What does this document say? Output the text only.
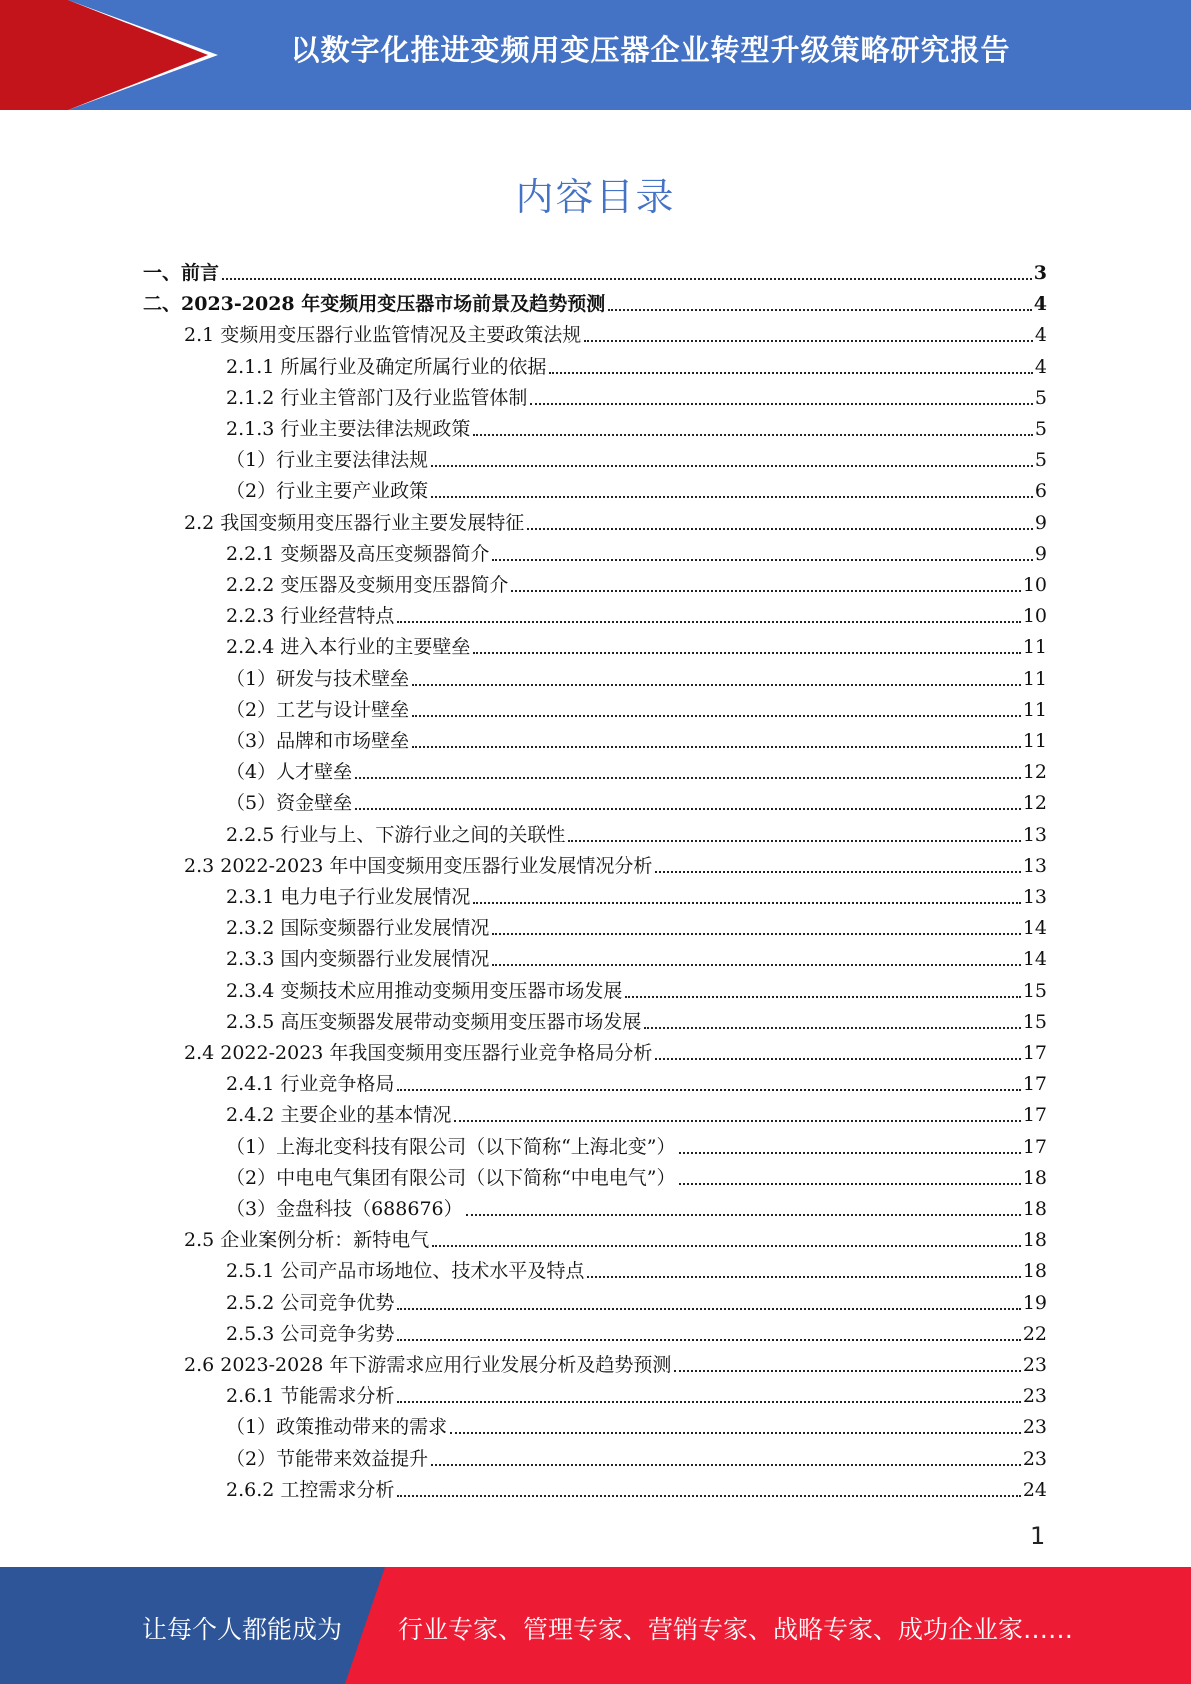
以数字化推进变频用变压器企业转型升级策略研究报告
内容目录
一、前言	3
二、2023-2028 年变频用变压器市场前景及趋势预测	4
2.1 变频用变压器行业监管情况及主要政策法规	4
2.1.1 所属行业及确定所属行业的依据	4
2.1.2 行业主管部门及行业监管体制	5
2.1.3 行业主要法律法规政策	5
（1）行业主要法律法规	5
（2）行业主要产业政策	6
2.2 我国变频用变压器行业主要发展特征	9
2.2.1 变频器及高压变频器简介	9
2.2.2 变压器及变频用变压器简介	10
2.2.3 行业经营特点	10
2.2.4 进入本行业的主要壁垒	11
（1）研发与技术壁垒	11
（2）工艺与设计壁垒	11
（3）品牌和市场壁垒	11
（4）人才壁垒	12
（5）资金壁垒	12
2.2.5 行业与上、下游行业之间的关联性	13
2.3 2022-2023 年中国变频用变压器行业发展情况分析	13
2.3.1 电力电子行业发展情况	13
2.3.2 国际变频器行业发展情况	14
2.3.3 国内变频器行业发展情况	14
2.3.4 变频技术应用推动变频用变压器市场发展	15
2.3.5 高压变频器发展带动变频用变压器市场发展	15
2.4 2022-2023 年我国变频用变压器行业竞争格局分析	17
2.4.1 行业竞争格局	17
2.4.2 主要企业的基本情况	17
（1）上海北变科技有限公司（以下简称“上海北变”）	17
（2）中电电气集团有限公司（以下简称“中电电气”）	18
（3）金盘科技（688676）	18
2.5 企业案例分析：新特电气	18
2.5.1 公司产品市场地位、技术水平及特点	18
2.5.2 公司竞争优势	19
2.5.3 公司竞争劣势	22
2.6 2023-2028 年下游需求应用行业发展分析及趋势预测	23
2.6.1 节能需求分析	23
（1）政策推动带来的需求	23
（2）节能带来效益提升	23
2.6.2 工控需求分析	24
1
让每个人都能成为 行业专家、管理专家、营销专家、战略专家、成功企业家……
